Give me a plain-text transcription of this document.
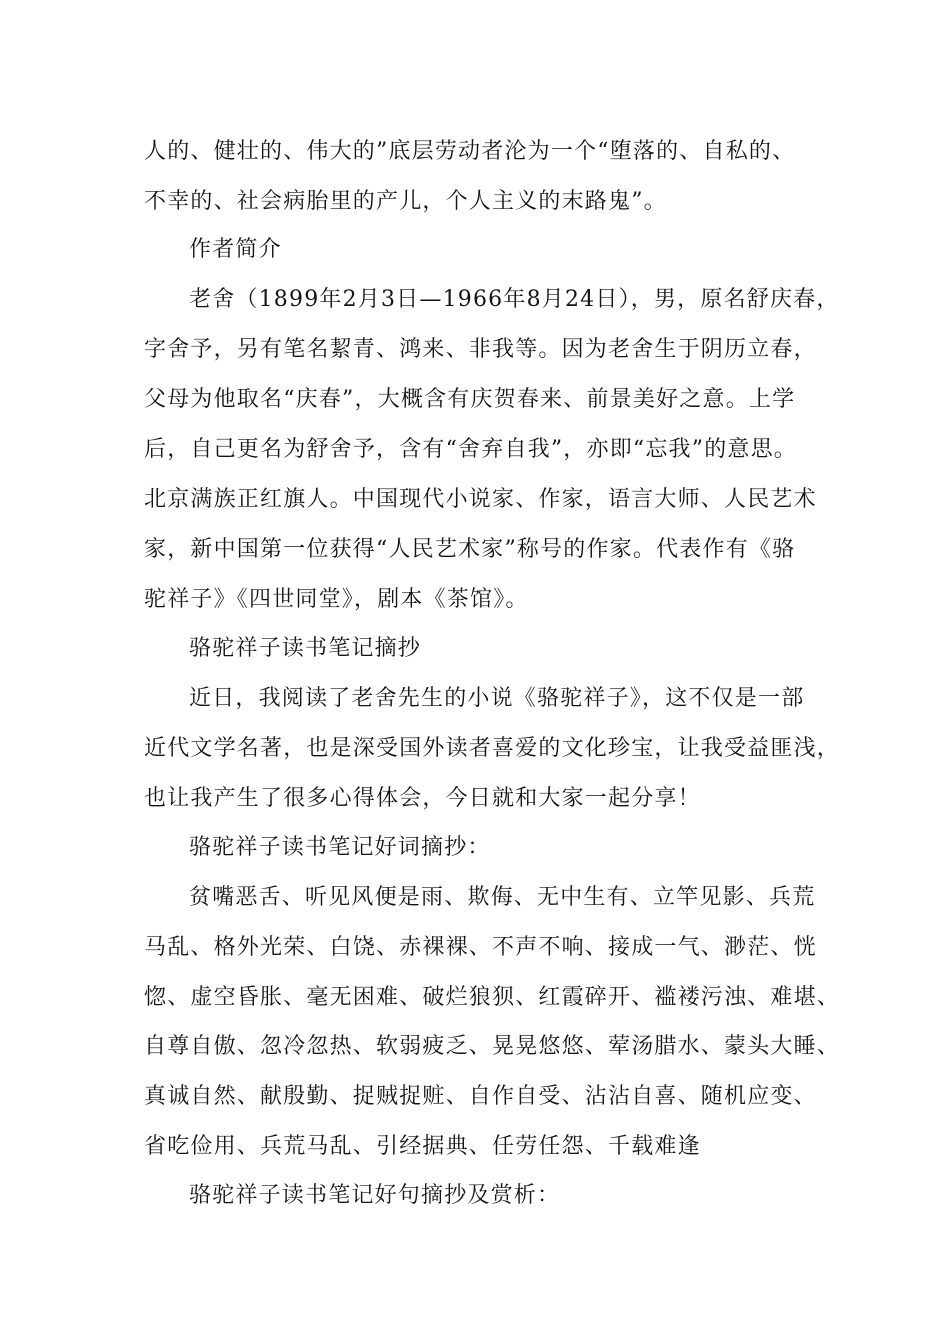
人的、健壮的、伟大的”底层劳动者沦为一个“堕落的、自私的、
不幸的、社会病胎里的产儿，个人主义的末路鬼”。
作者简介
老舍（1899年2月3日—1966年8月24日），男，原名舒庆春，
字舍予，另有笔名絜青、鸿来、非我等。因为老舍生于阴历立春，
父母为他取名“庆春”，大概含有庆贺春来、前景美好之意。上学
后，自己更名为舒舍予，含有“舍弃自我”，亦即“忘我”的意思。
北京满族正红旗人。中国现代小说家、作家，语言大师、人民艺术
家，新中国第一位获得“人民艺术家”称号的作家。代表作有《骆
驼祥子》《四世同堂》，剧本《茶馆》。
骆驼祥子读书笔记摘抄
近日，我阅读了老舍先生的小说《骆驼祥子》，这不仅是一部
近代文学名著，也是深受国外读者喜爱的文化珍宝，让我受益匪浅，
也让我产生了很多心得体会，今日就和大家一起分享！
骆驼祥子读书笔记好词摘抄：
贫嘴恶舌、听见风便是雨、欺侮、无中生有、立竿见影、兵荒
马乱、格外光荣、白饶、赤裸裸、不声不响、接成一气、渺茫、恍
惚、虚空昏胀、毫无困难、破烂狼狈、红霞碎开、褴褛污浊、难堪、
自尊自傲、忽冷忽热、软弱疲乏、晃晃悠悠、荤汤腊水、蒙头大睡、
真诚自然、献殷勤、捉贼捉赃、自作自受、沾沾自喜、随机应变、
省吃俭用、兵荒马乱、引经据典、任劳任怨、千载难逢
骆驼祥子读书笔记好句摘抄及赏析：
